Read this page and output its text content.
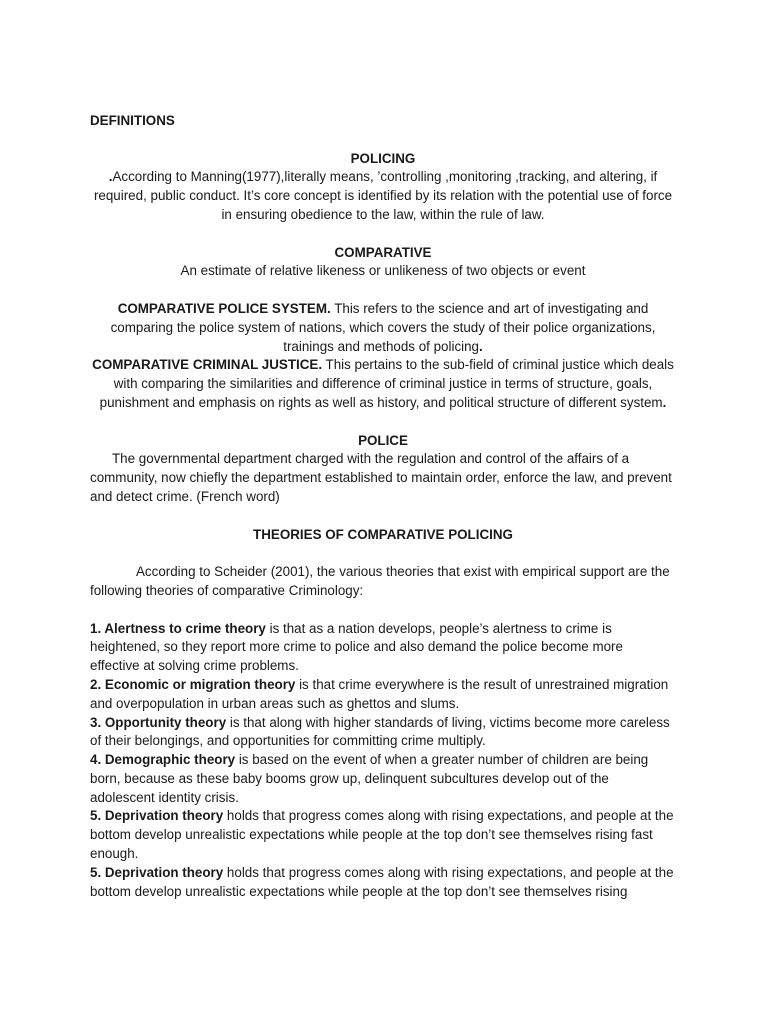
DEFINITIONS

POLICING

.According to Manning(1977),literally means, ’controlling ,monitoring ,tracking, and altering, if required, public conduct. It’s core concept is identified by its relation with the potential use of force in ensuring obedience to the law, within the rule of law.

COMPARATIVE

An estimate of relative likeness or unlikeness of two objects or event

COMPARATIVE POLICE SYSTEM. This refers to the science and art of investigating and comparing the police system of nations, which covers the study of their police organizations, trainings and methods of policing.

COMPARATIVE CRIMINAL JUSTICE. This pertains to the sub-field of criminal justice which deals with comparing the similarities and difference of criminal justice in terms of structure, goals, punishment and emphasis on rights as well as history, and political structure of different system.

POLICE

The governmental department charged with the regulation and control of the affairs of a community, now chiefly the department established to maintain order, enforce the law, and prevent and detect crime. (French word)

THEORIES OF COMPARATIVE POLICING

According to Scheider (2001), the various theories that exist with empirical support are the following theories of comparative Criminology:

1. Alertness to crime theory is that as a nation develops, people’s alertness to crime is heightened, so they report more crime to police and also demand the police become more effective at solving crime problems.

2. Economic or migration theory is that crime everywhere is the result of unrestrained migration and overpopulation in urban areas such as ghettos and slums.

3. Opportunity theory is that along with higher standards of living, victims become more careless of their belongings, and opportunities for committing crime multiply.

4. Demographic theory is based on the event of when a greater number of children are being born, because as these baby booms grow up, delinquent subcultures develop out of the adolescent identity crisis.

5. Deprivation theory holds that progress comes along with rising expectations, and people at the bottom develop unrealistic expectations while people at the top don’t see themselves rising fast enough.

5. Deprivation theory holds that progress comes along with rising expectations, and people at the bottom develop unrealistic expectations while people at the top don’t see themselves rising
